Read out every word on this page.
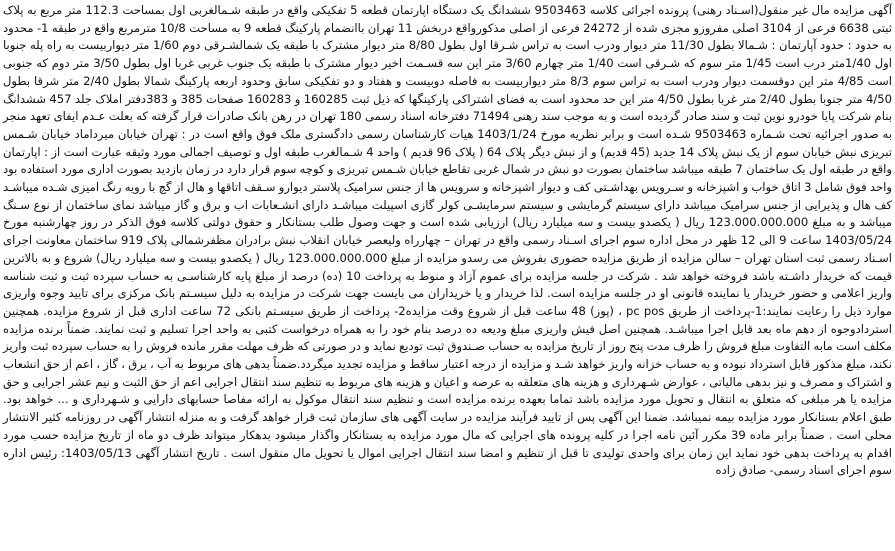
آگهی مزایده مال غیر منقول(اسـناد رهنی) پرونده اجرائی کلاسه 9503463 ششدانگ یک دستگاه اپارتمان قطعه 5 تفکیکی واقع در طبقه شـمالغربی اول بمساحت 112.3 متر مربع به پلاک ثبتی 6638 فرعی از 3104 اصلی مفروزو مجزی شده از 24272 فرعی از اصلی مذکورواقع دربخش 11 تهران باانضمام پارکینگ قطعه 9 به مساحت 10/8 مترمربع واقع در طبقه 1- محدود به حدود : حدود آپارتمان : شـمالا بطول 11/30 متر دیوار ودرب است به تراس شـرقا اول بطول 8/80 متر دیوار مشترک با طبقه یک شمالشـرقی دوم 1/60 متر دیواربیست به راه پله جنوبا اول 1/40متر درب است 1/45 متر سوم که شـرقی است 1/40 متر چهارم 3/60 متر این سه قسـمت اخیر دیوار مشترک با طبقه یک جنوب غربی غربا اول بطول 3/50 متر دوم که جنوبی است 4/85 متر این دوقسمت دیوار ودرب است به تراس سوم 8/3 متر دیواربیست به فاصله دوبیست و هفتاد و دو تفکیکی سابق وحدود اربعه پارکینگ شمالا بطول 2/40 متر شرقا بطول 4/50 متر جنوبا بطول 2/40 متر غربا بطول 4/50 متر این حد محدود است به فضای اشتراکی پارکینگها که ذیل ثبت 160285 و 160283 صفحات 385 و 383دفتر املاک جلد 457 ششدانگ بنام شرکت پایا خودرو نوین ثبت و سند صادر گردیده است و به موجب سند رهنی 71494 دفترخانه اسناد رسمی 180 تهران در رهن بانک صادرات قرار گرفته که بعلت عـدم ایفای تعهد منجر به صدور اجرائیه تحت شـماره 9503463 شـده است و برابر نظریه مورخ 1403/1/24 هیات کارشناسان رسمی دادگستری ملک فوق واقع است در : تهران خیابان میرداماد خیابان شـمس تبریزی نبش خیابان سوم از یک نبش پلاک 14 جدید (45 قدیم) و از نبش دیگر پلاک 64 ( پلاک 96 قدیم ) واحد 4 شـمالغرب طبقه اول و توصیف اجمالی مورد وثیقه عبارت است از : اپارتمان واقع در طبقه اول یک ساختمان 7 طبقه میباشد ساختمان بصورت دو نبش در شمال غربی تقاطع خیابان شـمس تبریزی و کوچه سوم قرار دارد در زمان بازدید بصورت اداری مورد استفاده بود واحد فوق شامل 3 اتاق خواب و اشپزخانه و سـرویس بهداشـتی کف و دیوار اشپزخانه و سرویس ها از جنس سرامیک پلاستر دیوارو سـقف اتاقها و هال از گچ با رویه رنگ امیزی شـده میباشـد کف هال و پذیرایی از جنس سرامیک میباشد دارای سیستم گرمایشی و سیستم سرمایشـی کولر گازی اسپیلت میباشـد دارای انشـعابات اب و برق و گاز میباشد نمای ساختمان از نوع سـنگ میباشد و به مبلغ 123.000.000.000 ریال ( یکصدو بیست و سه میلیارد ریال) ارزیابی شده است و جهت وصول طلب بستانکار و حقوق دولتی کلاسه فوق الذکر در روز چهارشنبه مورخ 1403/05/24 ساعت 9 الی 12 ظهر در محل اداره سوم اجرای اسـناد رسمی واقع در تهران – چهارراه ولیعصر خیابان انقلاب نبش برادران مظفرشمالی پلاک 919 ساختمان معاونت اجرای اسـناد رسمی ثبت استان تهران – سالن مزایده از طریق مزایده حضوری بفروش می رسدو مزایده از مبلغ 123.000.000.000 ریال ( یکصدو بیست و سه میلیارد ریال) شروع و به بالاترین قیمت که خریدار داشـته باشد فروخته خواهد شد . شرکت در جلسه مزایده برای عموم آزاد و منوط به پرداخت 10 (ده) درصد از مبلغ پایه کارشناسـی به حساب سپرده ثبت و ثبت شناسه واریز اعلامی و حضور خریدار یا نماینده قانونی او در جلسه مزایده است. لذا خریدار و یا خریداران می بایست جهت شرکت در مزایده به دلیل سیسـتم بانک مرکزی برای تایید وجوه واریزی موارد ذیل را رعایت نمایند:1-پرداخت از طریق pc pos ، (پوز) 48 ساعت قبل از شروع وقت مزایده2- پرداخت از طریق سیسـتم بانکی 72 ساعت اداری قبل از شروع مزایده. همچنین استردادوجوه از دهم ماه بعد قابل اجرا میباشـد. همچنین اصل فیش واریزی مبلغ ودیعه ده درصد بنام خود را به همراه درخواست کتبی به واحد اجرا تسلیم و ثبت نمایند. ضمناً برنده مزایده مکلف است مابه التفاوت مبلغ فروش را ظرف مدت پنج روز از تاریخ مزایده به حساب صـندوق ثبت تودیع نماید و در صورتی که ظرف مهلت مقرر مانده فروش را به حساب سپرده ثبت واریز نکند، مبلغ مذکور قابل استرداد نبوده و به حساب خزانه واریز خواهد شـد و مزایده از درجه اعتبار ساقط و مزایده تجدید میگردد.ضمناً بدهی های مربوط به آب ، برق ، گاز ، اعم از حق انشعاب و اشتراک و مصرف و نیز بدهی مالیاتی ، عوارض شـهرداری و هزینه های متعلقه به عرصه و اعیان و هزینه های مربوط به تنظیم سند انتقال اجرایی اعم از حق الثبت و نیم عشر اجرایی و حق مزایده یا هر مبلغی که متعلق به انتقال و تحویل مورد مزایده باشد تماما بعهده برنده مزایده است و تنظیم سند انتقال موکول به ارائه مفاصا حسابهای دارایی و شـهرداری و ... خواهد بود. طبق اعلام بستانکار مورد مزایده بیمه نمیباشد. ضمنا این آگهی پس از تایید فرآیند مزایده در سایت آگهی های سازمان ثبت قرار خواهد گرفت و به منزله انتشار آگهی در روزنامه کثیر الانتشار محلی است . ضمناً برابر ماده 39 مکرر آئین نامه اجرا در کلیه پرونده های اجرایی که مال مورد مزایده به بستانکار واگذار میشود بدهکار میتواند ظرف دو ماه از تاریخ مزایده حسب مورد اقدام به پرداخت بدهی خود نماید این زمان برای واحدی تولیدی تا قبل از تنظیم و امضا سند انتقال اجرایی اموال یا تحویل مال منقول است . تاریخ انتشار آگهی 1403/05/13: رئیس اداره سوم اجرای اسناد رسمی- صادق زاده
